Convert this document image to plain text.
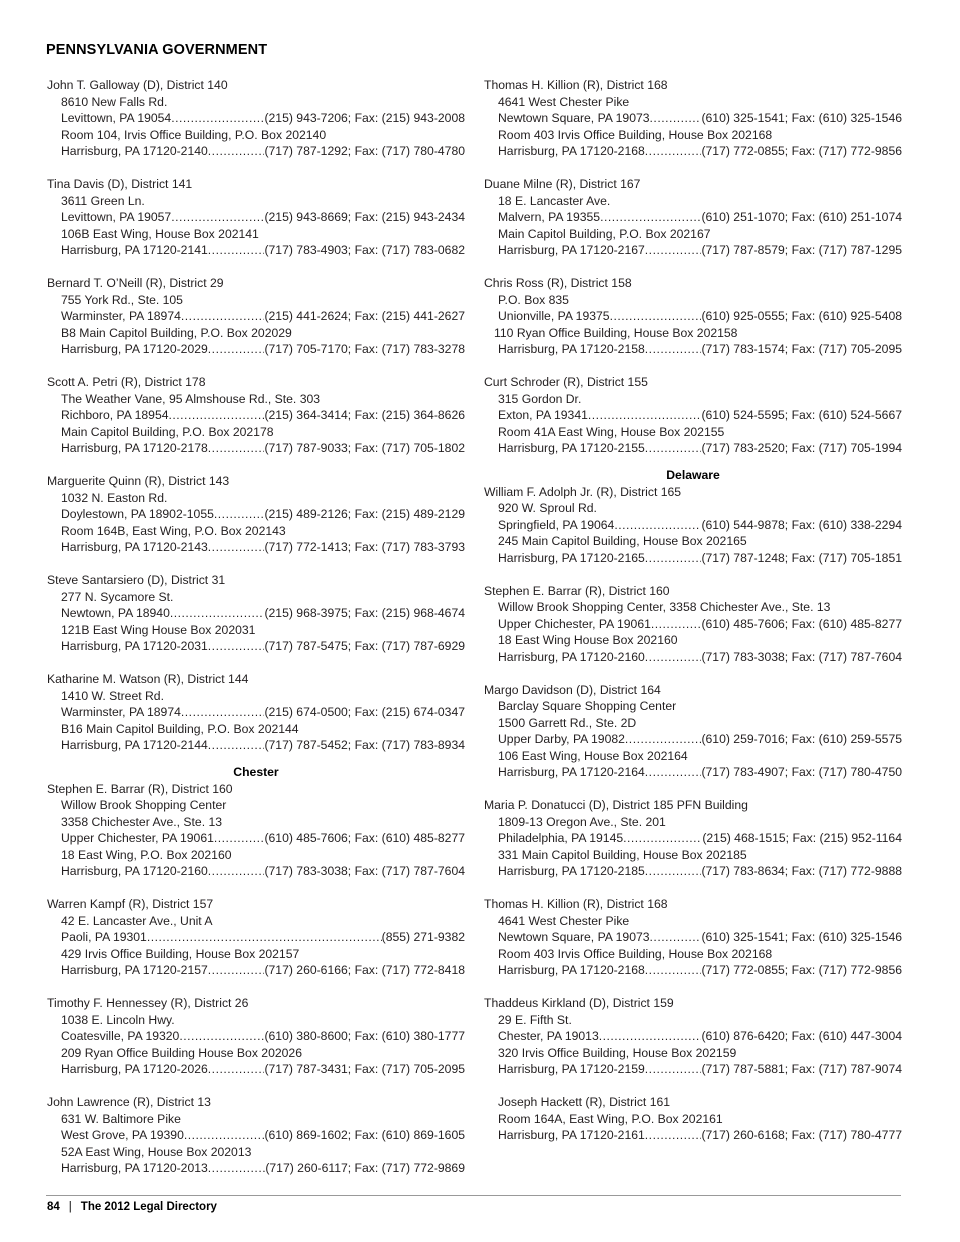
PENNSYLVANIA GOVERNMENT
John T. Galloway (D), District 140
8610 New Falls Rd.
Levittown, PA 19054 .....	(215) 943-7206; Fax: (215) 943-2008
Room 104, Irvis Office Building, P.O. Box 202140
Harrisburg, PA 17120-2140 .....	(717) 787-1292; Fax: (717) 780-4780
Tina Davis (D), District 141
3611 Green Ln.
Levittown, PA 19057 .....	(215) 943-8669; Fax: (215) 943-2434
106B East Wing, House Box 202141
Harrisburg, PA 17120-2141 .....	(717) 783-4903; Fax: (717) 783-0682
Bernard T. O’Neill (R), District 29
755 York Rd., Ste. 105
Warminster, PA 18974 .....	(215) 441-2624; Fax: (215) 441-2627
B8 Main Capitol Building, P.O. Box 202029
Harrisburg, PA 17120-2029 .....	(717) 705-7170; Fax: (717) 783-3278
Scott A. Petri (R), District 178
The Weather Vane, 95 Almshouse Rd., Ste. 303
Richboro, PA 18954 .....	(215) 364-3414; Fax: (215) 364-8626
Main Capitol Building, P.O. Box 202178
Harrisburg, PA 17120-2178 .....	(717) 787-9033; Fax: (717) 705-1802
Marguerite Quinn (R), District 143
1032 N. Easton Rd.
Doylestown, PA 18902-1055 .....	(215) 489-2126; Fax: (215) 489-2129
Room 164B, East Wing, P.O. Box 202143
Harrisburg, PA 17120-2143 .....	(717) 772-1413; Fax: (717) 783-3793
Steve Santarsiero (D), District 31
277 N. Sycamore St.
Newtown, PA 18940 .....	(215) 968-3975; Fax: (215) 968-4674
121B East Wing House Box 202031
Harrisburg, PA 17120-2031 .....	(717) 787-5475; Fax: (717) 787-6929
Katharine M. Watson (R), District 144
1410 W. Street Rd.
Warminster, PA 18974 .....	(215) 674-0500; Fax: (215) 674-0347
B16 Main Capitol Building, P.O. Box 202144
Harrisburg, PA 17120-2144 .....	(717) 787-5452; Fax: (717) 783-8934
Chester
Stephen E. Barrar (R), District 160
Willow Brook Shopping Center
3358 Chichester Ave., Ste. 13
Upper Chichester, PA 19061 .....	(610) 485-7606; Fax: (610) 485-8277
18 East Wing, P.O. Box 202160
Harrisburg, PA 17120-2160 .....	(717) 783-3038; Fax: (717) 787-7604
Warren Kampf (R), District 157
42 E. Lancaster Ave., Unit A
Paoli, PA 19301 .....	(855) 271-9382
429 Irvis Office Building, House Box 202157
Harrisburg, PA 17120-2157 .....	(717) 260-6166; Fax: (717) 772-8418
Timothy F. Hennessey (R), District 26
1038 E. Lincoln Hwy.
Coatesville, PA 19320 .....	(610) 380-8600; Fax: (610) 380-1777
209 Ryan Office Building House Box 202026
Harrisburg, PA 17120-2026 .....	(717) 787-3431; Fax: (717) 705-2095
John Lawrence (R), District 13
631 W. Baltimore Pike
West Grove, PA 19390 .....	(610) 869-1602; Fax: (610) 869-1605
52A East Wing, House Box 202013
Harrisburg, PA 17120-2013 .....	(717) 260-6117; Fax: (717) 772-9869
Thomas H. Killion (R), District 168
4641 West Chester Pike
Newtown Square, PA 19073 .....	(610) 325-1541; Fax: (610) 325-1546
Room 403 Irvis Office Building, House Box 202168
Harrisburg, PA 17120-2168 .....	(717) 772-0855; Fax: (717) 772-9856
Duane Milne (R), District 167
18 E. Lancaster Ave.
Malvern, PA 19355 .....	(610) 251-1070; Fax: (610) 251-1074
Main Capitol Building, P.O. Box 202167
Harrisburg, PA 17120-2167 .....	(717) 787-8579; Fax: (717) 787-1295
Chris Ross (R), District 158
P.O. Box 835
Unionville, PA 19375 .....	(610) 925-0555; Fax: (610) 925-5408
110 Ryan Office Building, House Box 202158
Harrisburg, PA 17120-2158 .....	(717) 783-1574; Fax: (717) 705-2095
Curt Schroder (R), District 155
315 Gordon Dr.
Exton, PA 19341 .....	(610) 524-5595; Fax: (610) 524-5667
Room 41A East Wing, House Box 202155
Harrisburg, PA 17120-2155 .....	(717) 783-2520; Fax: (717) 705-1994
Delaware
William F. Adolph Jr. (R), District 165
920 W. Sproul Rd.
Springfield, PA 19064 .....	(610) 544-9878; Fax: (610) 338-2294
245 Main Capitol Building, House Box 202165
Harrisburg, PA 17120-2165 .....	(717) 787-1248; Fax: (717) 705-1851
Stephen E. Barrar (R), District 160
Willow Brook Shopping Center, 3358 Chichester Ave., Ste. 13
Upper Chichester, PA 19061 .....	(610) 485-7606; Fax: (610) 485-8277
18 East Wing House Box 202160
Harrisburg, PA 17120-2160 .....	(717) 783-3038; Fax: (717) 787-7604
Margo Davidson (D), District 164
Barclay Square Shopping Center
1500 Garrett Rd., Ste. 2D
Upper Darby, PA 19082 .....	(610) 259-7016; Fax: (610) 259-5575
106 East Wing, House Box 202164
Harrisburg, PA 17120-2164 .....	(717) 783-4907; Fax: (717) 780-4750
Maria P. Donatucci (D), District 185 PFN Building
1809-13 Oregon Ave., Ste. 201
Philadelphia, PA 19145 .....	(215) 468-1515; Fax: (215) 952-1164
331 Main Capitol Building, House Box 202185
Harrisburg, PA 17120-2185 .....	(717) 783-8634; Fax: (717) 772-9888
Thomas H. Killion (R), District 168
4641 West Chester Pike
Newtown Square, PA 19073 .....	(610) 325-1541; Fax: (610) 325-1546
Room 403 Irvis Office Building, House Box 202168
Harrisburg, PA 17120-2168 .....	(717) 772-0855; Fax: (717) 772-9856
Thaddeus Kirkland (D), District 159
29 E. Fifth St.
Chester, PA 19013 .....	(610) 876-6420; Fax: (610) 447-3004
320 Irvis Office Building, House Box 202159
Harrisburg, PA 17120-2159 .....	(717) 787-5881; Fax: (717) 787-9074
Joseph Hackett (R), District 161
Room 164A, East Wing, P.O. Box 202161
Harrisburg, PA 17120-2161 .....	(717) 260-6168; Fax: (717) 780-4777
84 | The 2012 Legal Directory
